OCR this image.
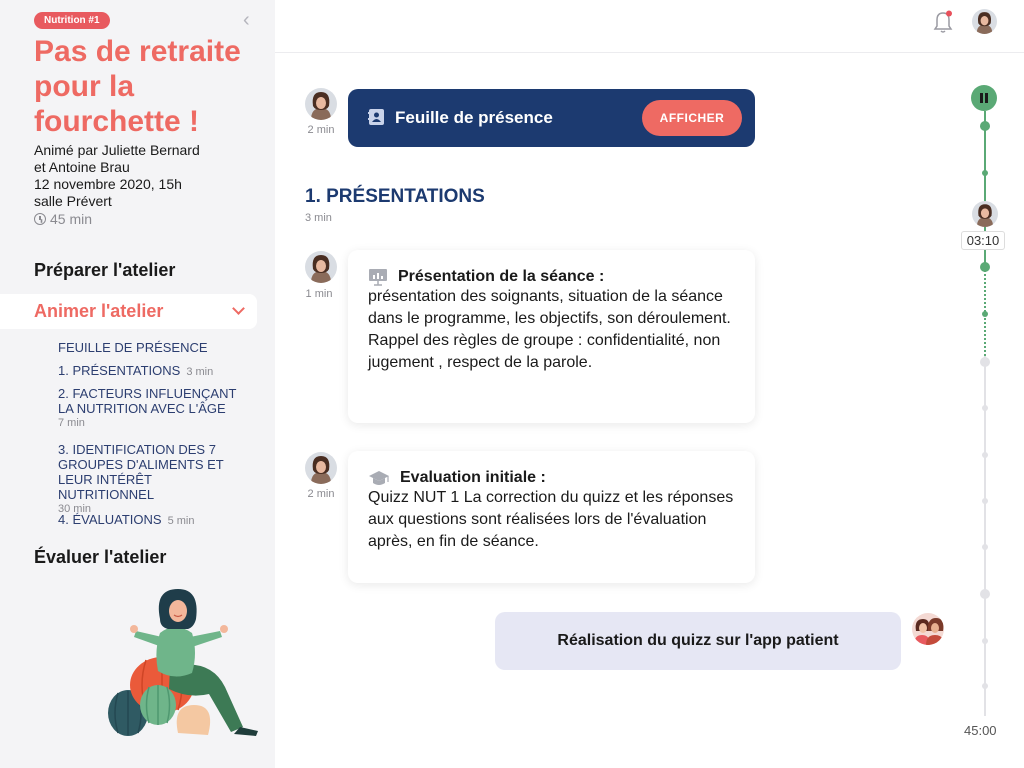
Nutrition #1	‹
Pas de retraite pour la fourchette !
Animé par Juliette Bernard
et Antoine Brau
12 novembre 2020, 15h
salle Prévert
45 min
Préparer l'atelier
Animer l'atelier
FEUILLE DE PRÉSENCE
1. PRÉSENTATIONS 3 min
2. FACTEURS INFLUENÇANT LA NUTRITION AVEC L'ÂGE
7 min
3. IDENTIFICATION DES 7 GROUPES D'ALIMENTS ET LEUR INTÉRÊT NUTRITIONNEL
30 min
4. ÉVALUATIONS 5 min
Évaluer l'atelier
2 min
Feuille de présence	AFFICHER
1. PRÉSENTATIONS
3 min
1 min
Présentation de la séance :
présentation des soignants, situation de la séance dans le programme, les objectifs, son déroulement. Rappel des règles de groupe : confidentialité, non jugement , respect de la parole.
2 min
Evaluation initiale :
Quizz NUT 1 La correction du quizz et les réponses aux questions sont réalisées lors de l'évaluation après, en fin de séance.
Réalisation du quizz sur l'app patient
03:10
45:00
